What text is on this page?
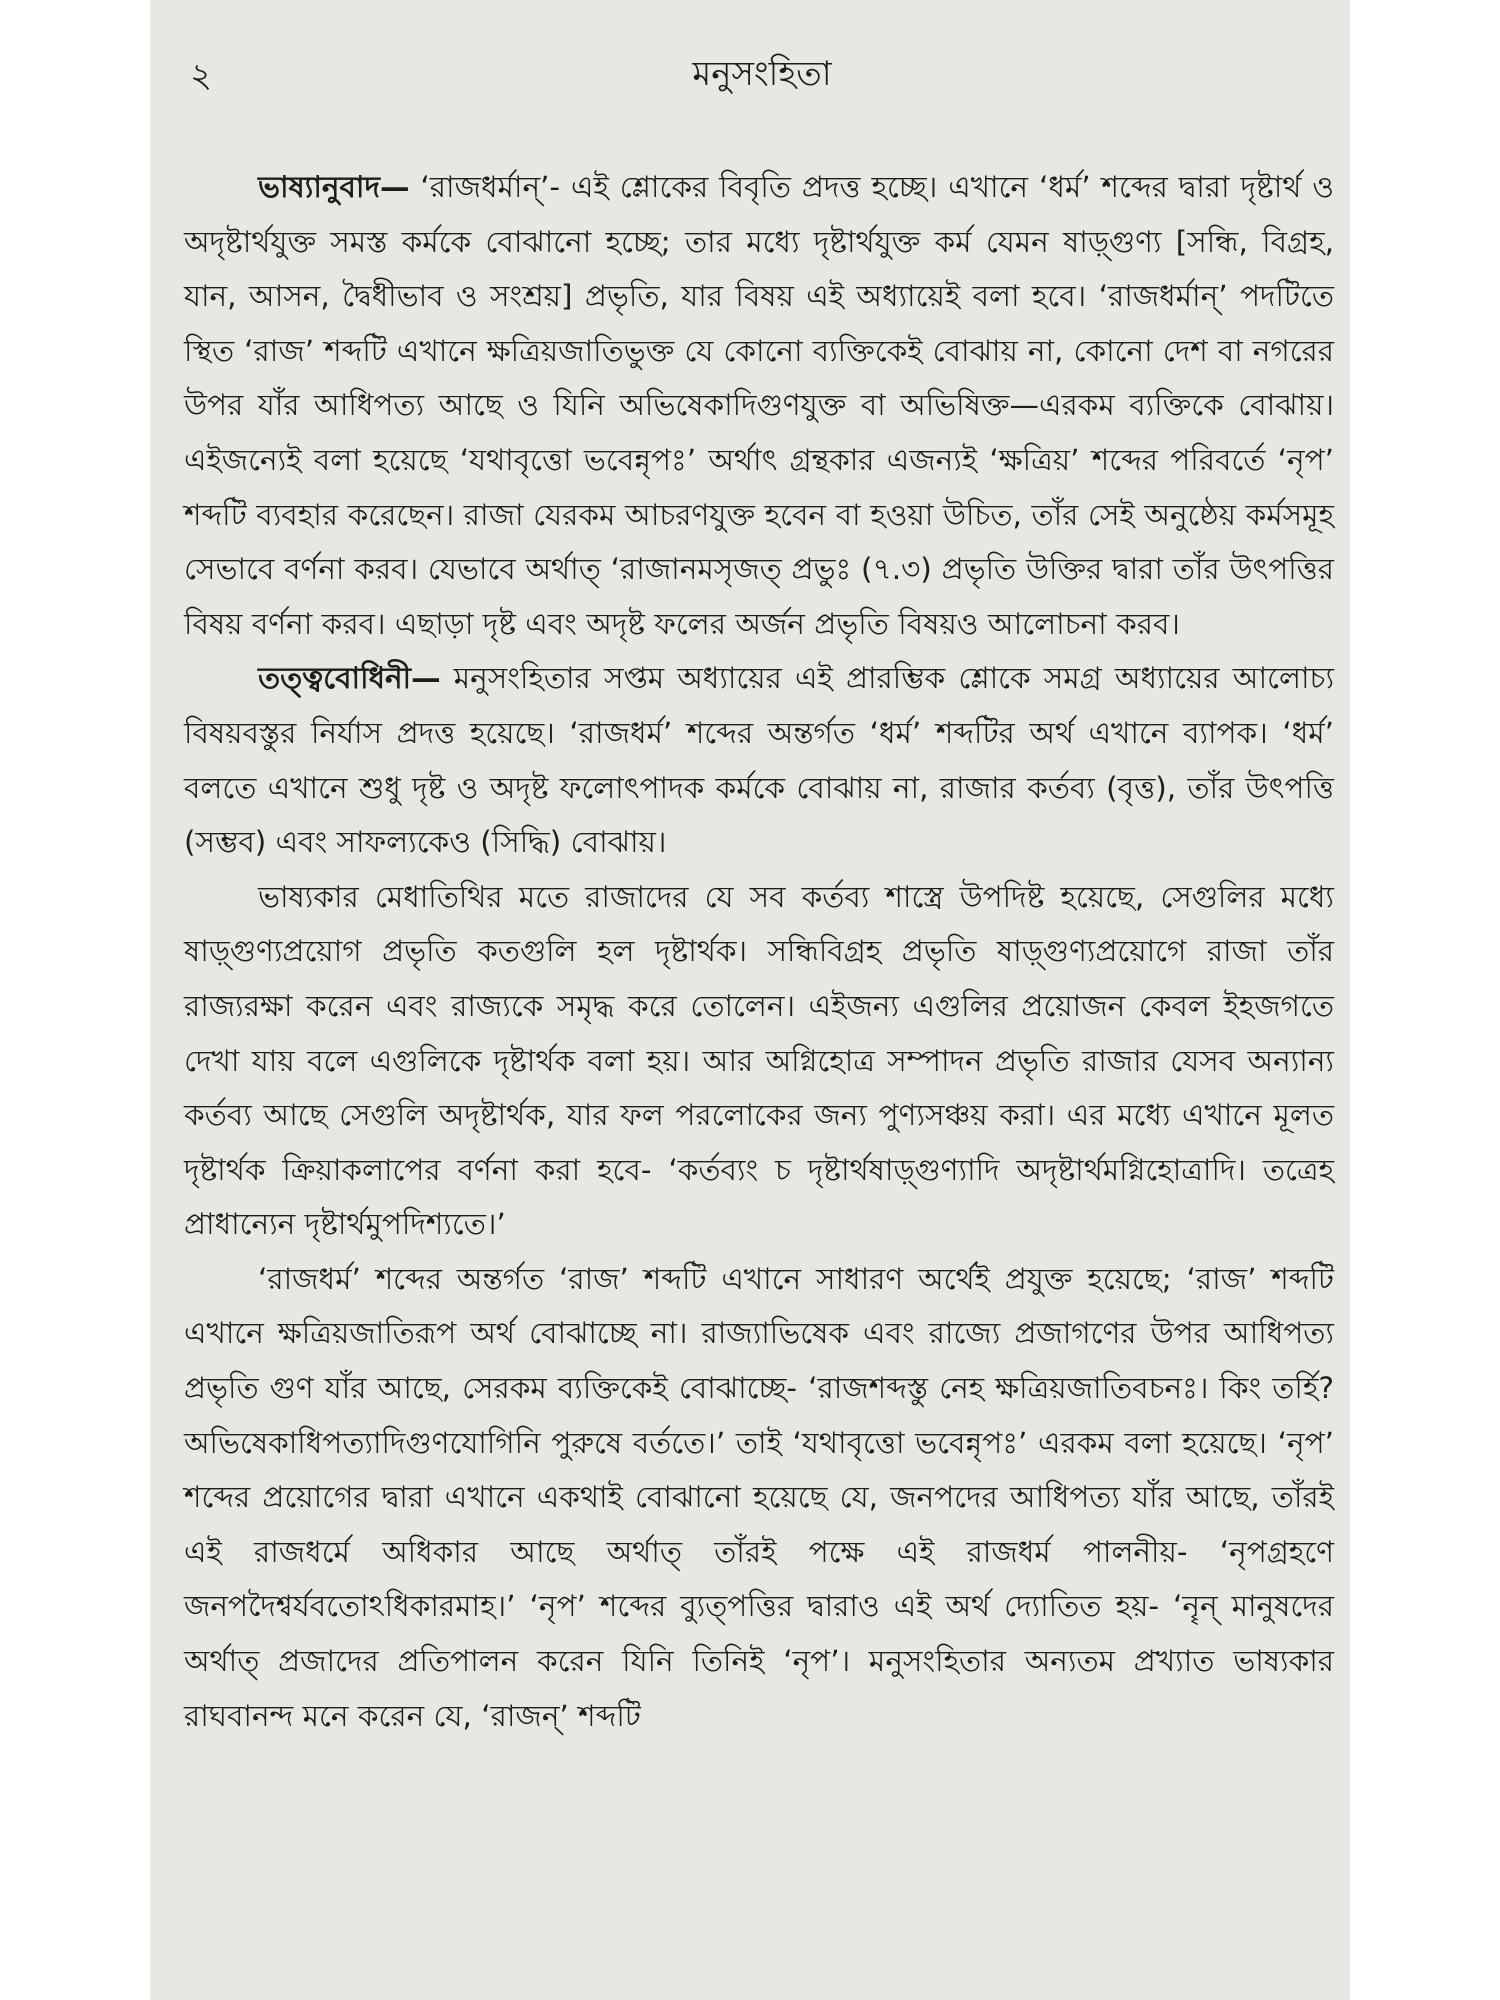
২	মনুসংহিতা

ভাষ্যানুবাদ— ‘রাজধর্মান্’- এই শ্লোকের বিবৃতি প্রদত্ত হচ্ছে। এখানে ‘ধর্ম’ শব্দের দ্বারা দৃষ্টার্থ ও অদৃষ্টার্থযুক্ত সমস্ত কর্মকে বোঝানো হচ্ছে; তার মধ্যে দৃষ্টার্থযুক্ত কর্ম যেমন ষাড়্গুণ্য [সন্ধি, বিগ্রহ, যান, আসন, দ্বৈধীভাব ও সংশ্রয়] প্রভৃতি, যার বিষয় এই অধ্যায়েই বলা হবে। ‘রাজধর্মান্’ পদটিতে স্থিত ‘রাজ’ শব্দটি এখানে ক্ষত্রিয়জাতিভুক্ত যে কোনো ব্যক্তিকেই বোঝায় না, কোনো দেশ বা নগরের উপর যাঁর আধিপত্য আছে ও যিনি অভিষেকাদিগুণযুক্ত বা অভিষিক্ত—এরকম ব্যক্তিকে বোঝায়। এইজন্যেই বলা হয়েছে ‘যথাবৃত্তো ভবেন্নৃপঃ’ অর্থাৎ গ্রন্থকার এজন্যই ‘ক্ষত্রিয়’ শব্দের পরিবর্তে ‘নৃপ’ শব্দটি ব্যবহার করেছেন। রাজা যেরকম আচরণযুক্ত হবেন বা হওয়া উচিত, তাঁর সেই অনুষ্ঠেয় কর্মসমূহ সেভাবে বর্ণনা করব। যেভাবে অর্থাত্ ‘রাজানমসৃজত্ প্রভুঃ (৭.৩) প্রভৃতি উক্তির দ্বারা তাঁর উৎপত্তির বিষয় বর্ণনা করব। এছাড়া দৃষ্ট এবং অদৃষ্ট ফলের অর্জন প্রভৃতি বিষয়ও আলোচনা করব।

তত্ত্ববোধিনী— মনুসংহিতার সপ্তম অধ্যায়ের এই প্রারম্ভিক শ্লোকে সমগ্র অধ্যায়ের আলোচ্য বিষয়বস্তুর নির্যাস প্রদত্ত হয়েছে। ‘রাজধর্ম’ শব্দের অন্তর্গত ‘ধর্ম’ শব্দটির অর্থ এখানে ব্যাপক। ‘ধর্ম’ বলতে এখানে শুধু দৃষ্ট ও অদৃষ্ট ফলোৎপাদক কর্মকে বোঝায় না, রাজার কর্তব্য (বৃত্ত), তাঁর উৎপত্তি (সম্ভব) এবং সাফল্যকেও (সিদ্ধি) বোঝায়।

ভাষ্যকার মেধাতিথির মতে রাজাদের যে সব কর্তব্য শাস্ত্রে উপদিষ্ট হয়েছে, সেগুলির মধ্যে ষাড়্গুণ্যপ্রয়োগ প্রভৃতি কতগুলি হল দৃষ্টার্থক। সন্ধিবিগ্রহ প্রভৃতি ষাড়্গুণ্যপ্রয়োগে রাজা তাঁর রাজ্যরক্ষা করেন এবং রাজ্যকে সমৃদ্ধ করে তোলেন। এইজন্য এগুলির প্রয়োজন কেবল ইহজগতে দেখা যায় বলে এগুলিকে দৃষ্টার্থক বলা হয়। আর অগ্নিহোত্র সম্পাদন প্রভৃতি রাজার যেসব অন্যান্য কর্তব্য আছে সেগুলি অদৃষ্টার্থক, যার ফল পরলোকের জন্য পুণ্যসঞ্চয় করা। এর মধ্যে এখানে মূলত দৃষ্টার্থক ক্রিয়াকলাপের বর্ণনা করা হবে- ‘কর্তব্যং চ দৃষ্টার্থষাড়্গুণ্যাদি অদৃষ্টার্থমগ্নিহোত্রাদি। তত্রেহ প্রাধান্যেন দৃষ্টার্থমুপদিশ্যতে।’

‘রাজধর্ম’ শব্দের অন্তর্গত ‘রাজ’ শব্দটি এখানে সাধারণ অর্থেই প্রযুক্ত হয়েছে; ‘রাজ’ শব্দটি এখানে ক্ষত্রিয়জাতিরূপ অর্থ বোঝাচ্ছে না। রাজ্যাভিষেক এবং রাজ্যে প্রজাগণের উপর আধিপত্য প্রভৃতি গুণ যাঁর আছে, সেরকম ব্যক্তিকেই বোঝাচ্ছে- ‘রাজশব্দস্তু নেহ ক্ষত্রিয়জাতিবচনঃ। কিং তর্হি? অভিষেকাধিপত্যাদিগুণযোগিনি পুরুষে বর্ততে।’ তাই ‘যথাবৃত্তো ভবেন্নৃপঃ’ এরকম বলা হয়েছে। ‘নৃপ’ শব্দের প্রয়োগের দ্বারা এখানে একথাই বোঝানো হয়েছে যে, জনপদের আধিপত্য যাঁর আছে, তাঁরই এই রাজধর্মে অধিকার আছে অর্থাত্ তাঁরই পক্ষে এই রাজধর্ম পালনীয়- ‘নৃপগ্রহণে জনপদৈশ্বর্যবতোঽধিকারমাহ।’ ‘নৃপ’ শব্দের ব্যুত্পত্তির দ্বারাও এই অর্থ দ্যোতিত হয়- ‘নৄন্ মানুষদের অর্থাত্ প্রজাদের প্রতিপালন করেন যিনি তিনিই ‘নৃপ’। মনুসংহিতার অন্যতম প্রখ্যাত ভাষ্যকার রাঘবানন্দ মনে করেন যে, ‘রাজন্’ শব্দটি
